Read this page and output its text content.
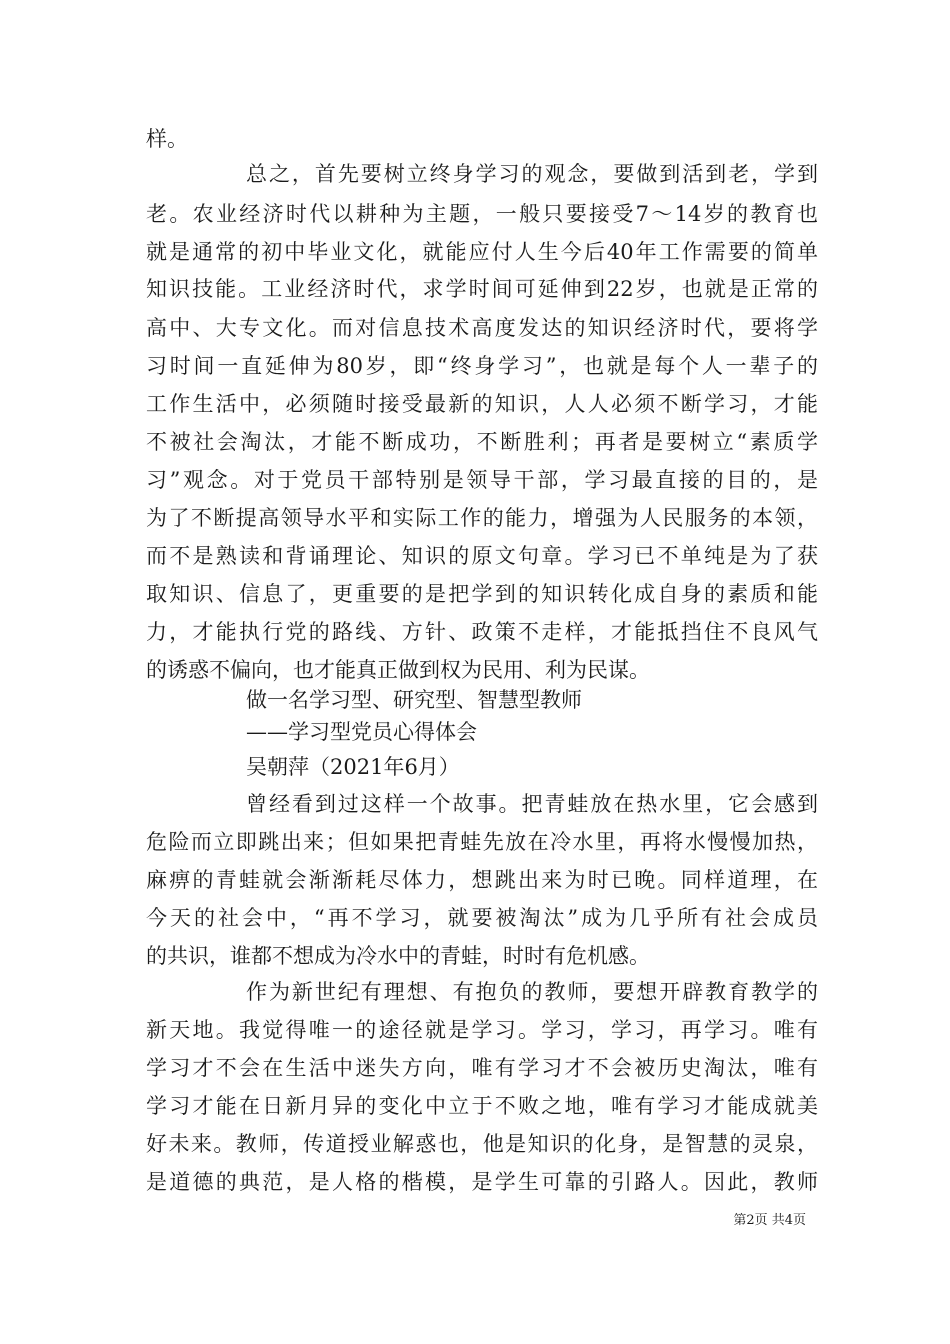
样。
总之，首先要树立终身学习的观念，要做到活到老，学到
老。农业经济时代以耕种为主题，一般只要接受7～14岁的教育也
就是通常的初中毕业文化，就能应付人生今后40年工作需要的简单
知识技能。工业经济时代，求学时间可延伸到22岁，也就是正常的
高中、大专文化。而对信息技术高度发达的知识经济时代，要将学
习时间一直延伸为80岁，即“终身学习”，也就是每个人一辈子的
工作生活中，必须随时接受最新的知识，人人必须不断学习，才能
不被社会淘汰，才能不断成功，不断胜利；再者是要树立“素质学
习”观念。对于党员干部特别是领导干部，学习最直接的目的，是
为了不断提高领导水平和实际工作的能力，增强为人民服务的本领，
而不是熟读和背诵理论、知识的原文句章。学习已不单纯是为了获
取知识、信息了，更重要的是把学到的知识转化成自身的素质和能
力，才能执行党的路线、方针、政策不走样，才能抵挡住不良风气
的诱惑不偏向，也才能真正做到权为民用、利为民谋。
做一名学习型、研究型、智慧型教师
——学习型党员心得体会
吴朝萍（2021年6月）
曾经看到过这样一个故事。把青蛙放在热水里，它会感到
危险而立即跳出来；但如果把青蛙先放在冷水里，再将水慢慢加热，
麻痹的青蛙就会渐渐耗尽体力，想跳出来为时已晚。同样道理，在
今天的社会中，“再不学习，就要被淘汰”成为几乎所有社会成员
的共识，谁都不想成为冷水中的青蛙，时时有危机感。
作为新世纪有理想、有抱负的教师，要想开辟教育教学的
新天地。我觉得唯一的途径就是学习。学习，学习，再学习。唯有
学习才不会在生活中迷失方向，唯有学习才不会被历史淘汰，唯有
学习才能在日新月异的变化中立于不败之地，唯有学习才能成就美
好未来。教师，传道授业解惑也，他是知识的化身，是智慧的灵泉，
是道德的典范，是人格的楷模，是学生可靠的引路人。因此，教师
第2页 共4页
